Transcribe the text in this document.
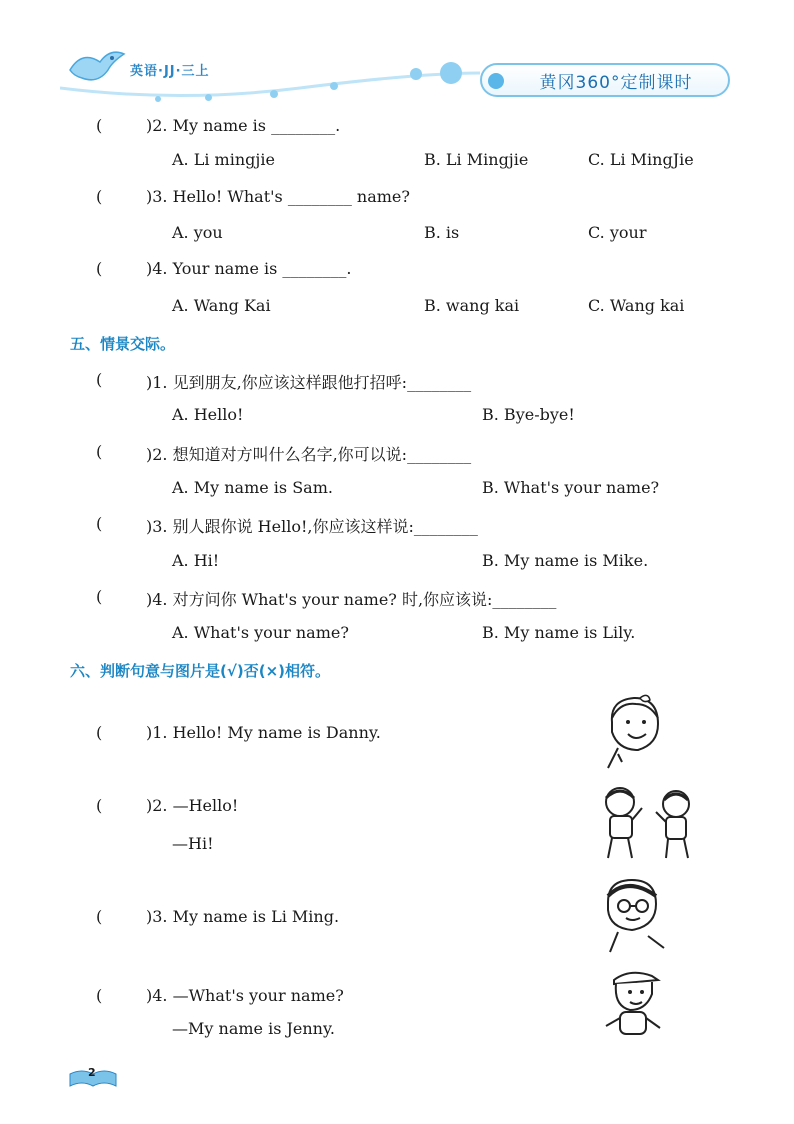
英语·JJ·三上
黄冈360°定制课时
(	)2. My name is ________.
A. Li mingjie	B. Li Mingjie	C. Li MingJie
(	)3. Hello! What's ________ name?
A. you	B. is	C. your
(	)4. Your name is ________.
A. Wang Kai	B. wang kai	C. Wang kai
五、情景交际。
(	)1. 见到朋友,你应该这样跟他打招呼:________
A. Hello!	B. Bye-bye!
(	)2. 想知道对方叫什么名字,你可以说:________
A. My name is Sam.	B. What's your name?
(	)3. 别人跟你说 Hello!,你应该这样说:________
A. Hi!	B. My name is Mike.
(	)4. 对方问你 What's your name? 时,你应该说:________
A. What's your name?	B. My name is Lily.
六、判断句意与图片是(√)否(×)相符。
(	)1. Hello! My name is Danny.
(	)2. —Hello!
—Hi!
(	)3. My name is Li Ming.
(	)4. —What's your name?
—My name is Jenny.
2
